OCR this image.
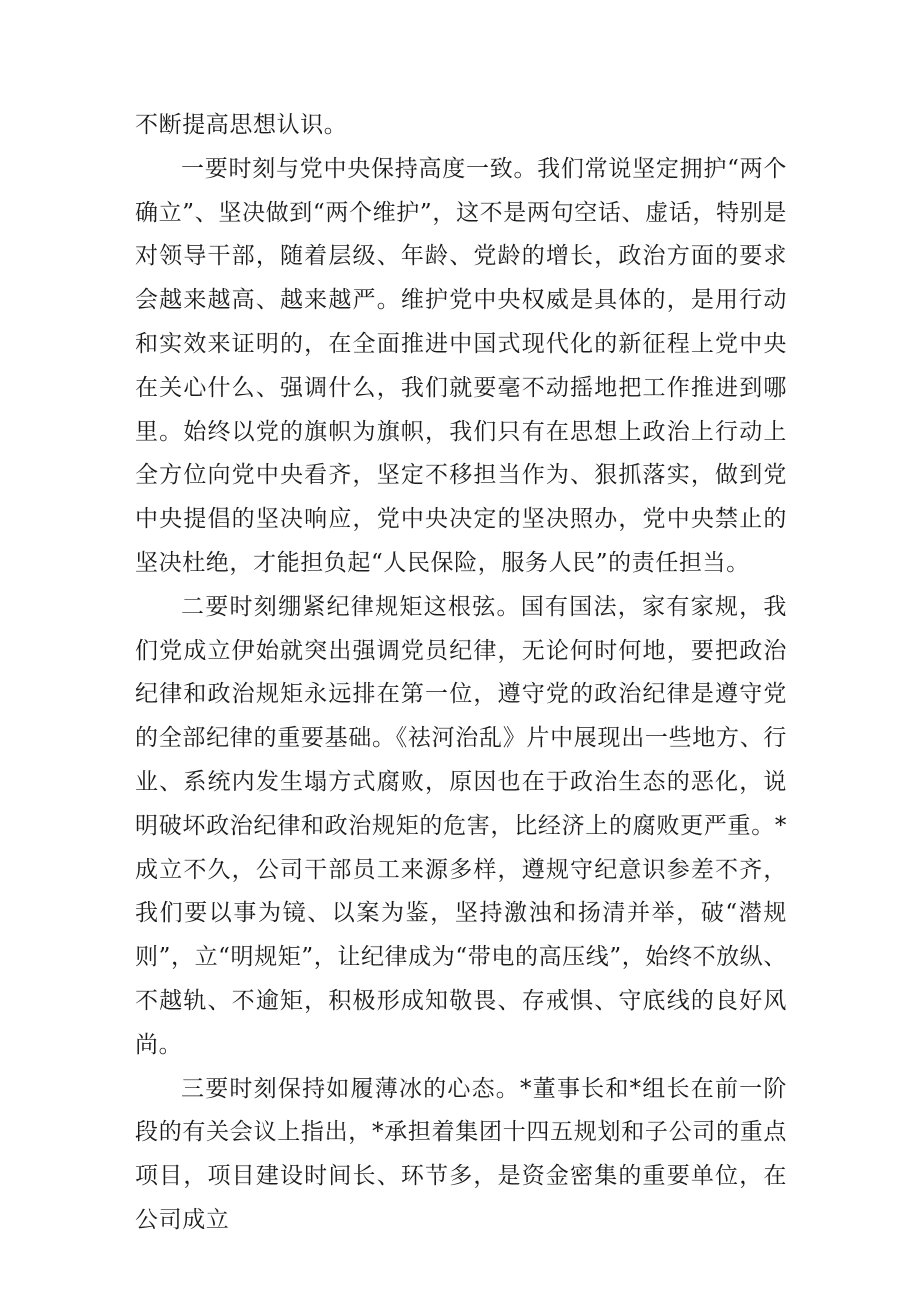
不断提高思想认识。

一要时刻与党中央保持高度一致。我们常说坚定拥护“两个确立”、坚决做到“两个维护”，这不是两句空话、虚话，特别是对领导干部，随着层级、年龄、党龄的增长，政治方面的要求会越来越高、越来越严。维护党中央权威是具体的，是用行动和实效来证明的，在全面推进中国式现代化的新征程上党中央在关心什么、强调什么，我们就要毫不动摇地把工作推进到哪里。始终以党的旗帜为旗帜，我们只有在思想上政治上行动上全方位向党中央看齐，坚定不移担当作为、狠抓落实，做到党中央提倡的坚决响应，党中央决定的坚决照办，党中央禁止的坚决杜绝，才能担负起“人民保险，服务人民”的责任担当。

二要时刻绷紧纪律规矩这根弦。国有国法，家有家规，我们党成立伊始就突出强调党员纪律，无论何时何地，要把政治纪律和政治规矩永远排在第一位，遵守党的政治纪律是遵守党的全部纪律的重要基础。《祛河治乱》片中展现出一些地方、行业、系统内发生塌方式腐败，原因也在于政治生态的恶化，说明破坏政治纪律和政治规矩的危害，比经济上的腐败更严重。*成立不久，公司干部员工来源多样，遵规守纪意识参差不齐，我们要以事为镜、以案为鉴，坚持激浊和扬清并举，破“潜规则”，立“明规矩”，让纪律成为“带电的高压线”，始终不放纵、不越轨、不逾矩，积极形成知敬畏、存戒惧、守底线的良好风尚。

三要时刻保持如履薄冰的心态。*董事长和*组长在前一阶段的有关会议上指出，*承担着集团十四五规划和子公司的重点项目，项目建设时间长、环节多，是资金密集的重要单位，在公司成立
